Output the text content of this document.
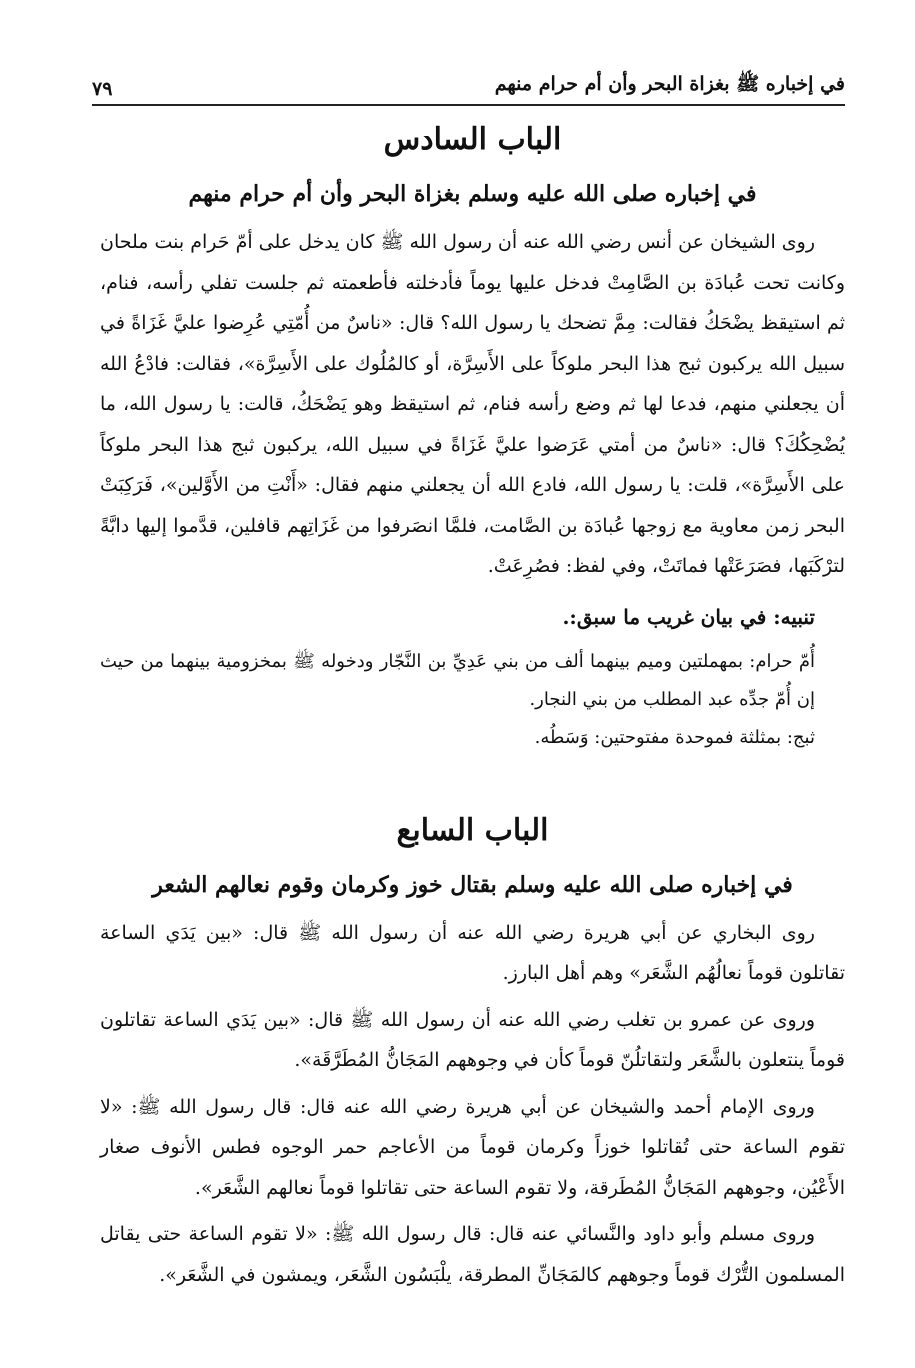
في إخباره ﷺ بغزاة البحر وأن أم حرام منهم
٧٩
الباب السادس
في إخباره صلى الله عليه وسلم بغزاة البحر وأن أم حرام منهم

روى الشيخان عن أنس رضي الله عنه أن رسول الله ﷺ كان يدخل على أمّ حَرام بنت ملحان وكانت تحت عُبادَة بن الصَّامِتْ فدخل عليها يوماً فأدخلته فأطعمته ثم جلست تفلي رأسه، فنام، ثم استيقظ يضْحَكُ فقالت: مِمَّ تضحك يا رسول الله؟ قال: «ناسٌ من أُمّتِي عُرِضوا عليَّ غَزَاةً في سبيل الله يركبون ثبج هذا البحر ملوكاً على الأَسِرَّة، أو كالمُلُوك على الأَسِرَّة»، فقالت: فادْعُ الله أن يجعلني منهم، فدعا لها ثم وضع رأسه فنام، ثم استيقظ وهو يَضْحَكُ، قالت: يا رسول الله، ما يُضْحِكُكَ؟ قال: «ناسٌ من أمتي عَرَضوا عليَّ غَزَاةً في سبيل الله، يركبون ثبج هذا البحر ملوكاً على الأَسِرَّة»، قلت: يا رسول الله، فادع الله أن يجعلني منهم فقال: «أَنْتِ من الأَوَّلين»، فَرَكِبَتْ البحر زمن معاوية مع زوجها عُبادَة بن الصَّامت، فلمَّا انصَرفوا من غَزَاتِهم قافلين، قدَّموا إليها دابَّةً لترْكَبَها، فصَرَعَتْها فماتَتْ، وفي لفظ: فصُرِعَتْ.

تنبيه: في بيان غريب ما سبق:.

أُمّ حرام: بمهملتين وميم بينهما ألف من بني عَدِيِّ بن النَّجّار ودخوله ﷺ بمخزومية بينهما من حيث إن أُمّ جدِّه عبد المطلب من بني النجار.

ثبج: بمثلثة فموحدة مفتوحتين: وَسَطُه.

الباب السابع
في إخباره صلى الله عليه وسلم بقتال خوز وكرمان وقوم نعالهم الشعر

روى البخاري عن أبي هريرة رضي الله عنه أن رسول الله ﷺ قال: «بين يَدَي الساعة تقاتلون قوماً نعالُهُم الشَّعَر» وهم أهل البارز.

وروى عن عمرو بن تغلب رضي الله عنه أن رسول الله ﷺ قال: «بين يَدَي الساعة تقاتلون قوماً ينتعلون بالشَّعَر ولتقاتلُنّ قوماً كأن في وجوههم المَجَانُّ المُطَرَّقَة».

وروى الإمام أحمد والشيخان عن أبي هريرة رضي الله عنه قال: قال رسول الله ﷺ: «لا تقوم الساعة حتى تُقاتلوا خوزاً وكرمان قوماً من الأعاجم حمر الوجوه فطس الأنوف صغار الأَعْيُن، وجوههم المَجَانُّ المُطَرقة، ولا تقوم الساعة حتى تقاتلوا قوماً نعالهم الشَّعَر».

وروى مسلم وأبو داود والنَّسائي عنه قال: قال رسول الله ﷺ: «لا تقوم الساعة حتى يقاتل المسلمون التُّرْك قوماً وجوههم كالمَجَانِّ المطرقة، يلْبَسُون الشَّعَر، ويمشون في الشَّعَر».
